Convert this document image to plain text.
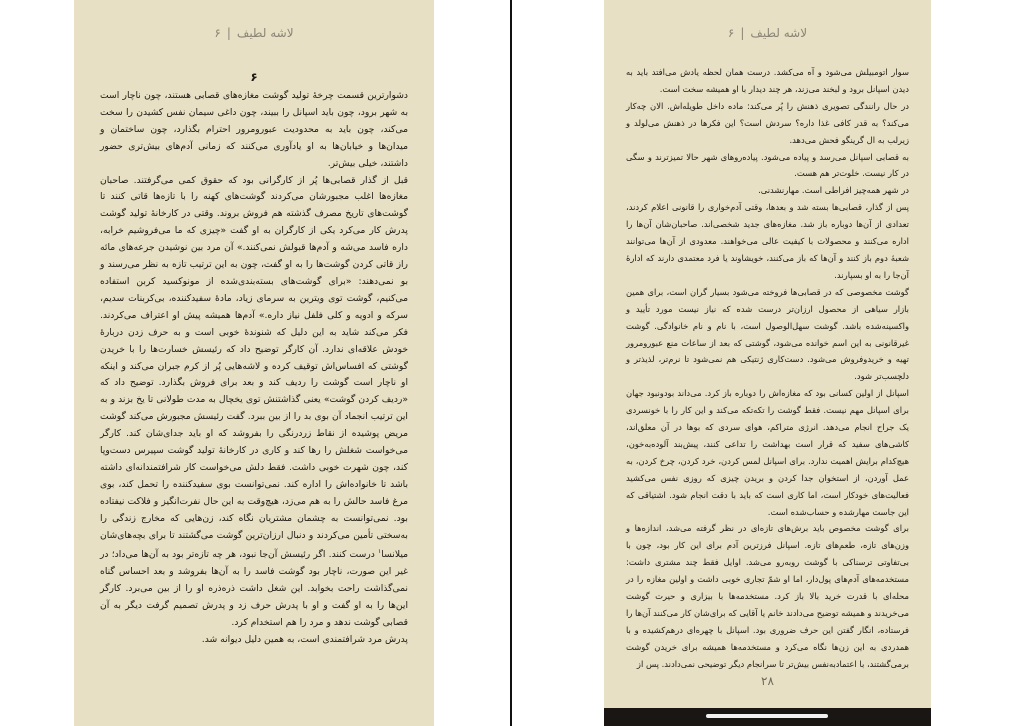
لاشه لطیف|۶
۶

دشوارترین قسمت چرخهٔ تولید گوشت مغازه‌های قصابی هستند، چون ناچار است به شهر برود، چون باید اسپانل را ببیند، چون داغی سیمان نفس کشیدن را سخت می‌کند، چون باید به محدودیت عبورومرور احترام بگذارد، چون ساختمان و میدان‌ها و خیابان‌ها به او یادآوری می‌کنند که زمانی آدم‌های بیش‌تری حضور داشتند، خیلی بیش‌تر.

قبل از گذار قصابی‌ها پُر از کارگرانی بود که حقوق کمی می‌گرفتند. صاحبان مغازه‌ها اغلب مجبورشان می‌کردند گوشت‌های کهنه را با تازه‌ها قاتی کنند تا گوشت‌های تاریخ مصرف گذشته هم فروش بروند. وقتی در کارخانهٔ تولید گوشت پدرش کار می‌کرد یکی از کارگران به او گفت «چیزی که ما می‌فروشیم خرابه، داره فاسد می‌شه و آدم‌ها قبولش نمی‌کنند.» آن مرد بین نوشیدن جرعه‌های مائه راز قاتی کردن گوشت‌ها را به او گفت، چون به این ترتیب تازه به نظر می‌رسند و بو نمی‌دهند: «برای گوشت‌های بسته‌بندی‌شده از مونوکسید کربن استفاده می‌کنیم، گوشت توی ویترین به سرمای زیاد، مادهٔ سفیدکننده، بی‌کربنات سدیم، سرکه و ادویه و کلی فلفل نیاز داره.» آدم‌ها همیشه پیش او اعتراف می‌کردند. فکر می‌کند شاید به این دلیل که شنوندهٔ خوبی است و به حرف زدن دربارهٔ خودش علاقه‌ای ندارد. آن کارگر توضیح داد که رئیسش خسارت‌ها را با خریدن گوشتی که افساس‌اش توقیف کرده و لاشه‌هایی پُر از کرم جبران می‌کند و اینکه او ناچار است گوشت را ردیف کند و بعد برای فروش بگذارد. توضیح داد که «ردیف کردن گوشت» یعنی گذاشتنش توی یخچال به مدت طولانی تا یخ بزند و به این ترتیب انجماد آن بوی بد را از بین ببرد. گفت رئیسش مجبورش می‌کند گوشت مریض پوشیده از نقاط زردرنگی را بفروشد که او باید جدای‌شان کند. کارگر می‌خواست شغلش را رها کند و کاری در کارخانهٔ تولید گوشت سپیرس دست‌وپا کند، چون شهرت خوبی داشت. فقط دلش می‌خواست کار شرافتمندانه‌ای داشته باشد تا خانواده‌اش را اداره کند. نمی‌توانست بوی سفیدکننده را تحمل کند، بوی مرغ فاسد حالش را به هم می‌زد، هیچ‌وقت به این حال نفرت‌انگیز و فلاکت نیفتاده بود. نمی‌توانست به چشمان مشتریان نگاه کند، زن‌هایی که مخارج زندگی را به‌سختی تأمین می‌کردند و دنبال ارزان‌ترین گوشت می‌گشتند تا برای بچه‌های‌شان میلانسا$^۱$ درست کنند. اگر رئیسش آن‌جا نبود، هر چه تازه‌تر بود به آن‌ها می‌داد؛ در غیر این صورت، ناچار بود گوشت فاسد را به آن‌ها بفروشد و بعد احساس گناه نمی‌گذاشت راحت بخوابد. این شغل داشت ذره‌ذره او را از بین می‌برد. کارگر این‌ها را به او گفت و او با پدرش حرف زد و پدرش تصمیم گرفت دیگر به آن قصابی گوشت ندهد و مرد را هم استخدام کرد.

پدرش مرد شرافتمندی است، به همین دلیل دیوانه شد.

لاشه لطیف|۶

سوار اتومبیلش می‌شود و آه می‌کشد. درست همان لحظه یادش می‌افتد باید به دیدن اسپانل برود و لبخند می‌زند، هر چند دیدار با او همیشه سخت است.

در حال رانندگی تصویری ذهنش را پُر می‌کند: ماده داخل طویله‌اش. الان چه‌کار می‌کند؟ به قدر کافی غذا داره؟ سردش است؟ این فکرها در ذهنش می‌لولد و زیرلب به ال گرینگو فحش می‌دهد.

به قصابی اسپانل می‌رسد و پیاده می‌شود. پیاده‌روهای شهر حالا تمیزترند و سگی در کار نیست. خلوت‌تر هم هست.

در شهر همه‌چیز افراطی است. مهارنشدنی.

پس از گذار، قصابی‌ها بسته شد و بعدها، وقتی آدم‌خواری را قانونی اعلام کردند، تعدادی از آن‌ها دوباره باز شد. مغازه‌های جدید شخصی‌اند. صاحبان‌شان آن‌ها را اداره می‌کنند و محصولات با کیفیت عالی می‌خواهند. معدودی از آن‌ها می‌توانند شعبهٔ دوم باز کنند و آن‌ها که باز می‌کنند، خویشاوند یا فرد معتمدی دارند که ادارهٔ آن‌جا را به او بسپارند.

گوشت مخصوصی که در قصابی‌ها فروخته می‌شود بسیار گران است، برای همین بازار سیاهی از محصول ارزان‌تر درست شده که نیاز نیست مورد تأیید و واکسینه‌شده باشد. گوشت سهل‌الوصول است، با نام و نام خانوادگی. گوشت غیرقانونی به این اسم خوانده می‌شود، گوشتی که بعد از ساعات منع عبورومرور تهیه و خریدوفروش می‌شود. دست‌کاری ژنتیکی هم نمی‌شود تا نرم‌تر، لذیذتر و دلچسب‌تر شود.

اسپانل از اولین کسانی بود که مغازه‌اش را دوباره باز کرد. می‌داند بودونبود جهان برای اسپانل مهم نیست. فقط گوشت را تکه‌تکه می‌کند و این کار را با خونسردی یک جراح انجام می‌دهد. انرژی متراکم، هوای سردی که بوها در آن معلق‌اند، کاشی‌های سفید که قرار است بهداشت را تداعی کنند، پیش‌بند آلوده‌به‌خون، هیچ‌کدام برایش اهمیت ندارد. برای اسپانل لمس کردن، خرد کردن، چرخ کردن، به عمل آوردن، از استخوان جدا کردن و بریدن چیزی که روزی نفس می‌کشید فعالیت‌های خودکار است، اما کاری است که باید با دقت انجام شود. اشتیاقی که این جاست مهارشده و حساب‌شده است.

برای گوشت مخصوص باید برش‌های تازه‌ای در نظر گرفته می‌شد، اندازه‌ها و وزن‌های تازه، طعم‌های تازه. اسپانل فرزترین آدم برای این کار بود، چون با بی‌تفاوتی ترسناکی با گوشت روبه‌رو می‌شد. اوایل فقط چند مشتری داشت: مستخدمه‌های آدم‌های پول‌دار، اما او شمّ تجاری خوبی داشت و اولین مغازه را در محله‌ای با قدرت خرید بالا باز کرد. مستخدمه‌ها با بیزاری و حیرت گوشت می‌خریدند و همیشه توضیح می‌دادند خانم یا آقایی که برای‌شان کار می‌کنند آن‌ها را فرستاده، انگار گفتن این حرف ضروری بود. اسپانل با چهره‌ای درهم‌کشیده و با همدردی به این زن‌ها نگاه می‌کرد و مستخدمه‌ها همیشه برای خریدن گوشت برمی‌گشتند، با اعتمادبه‌نفس بیش‌تر تا سرانجام دیگر توضیحی نمی‌دادند. پس از

۲۸
